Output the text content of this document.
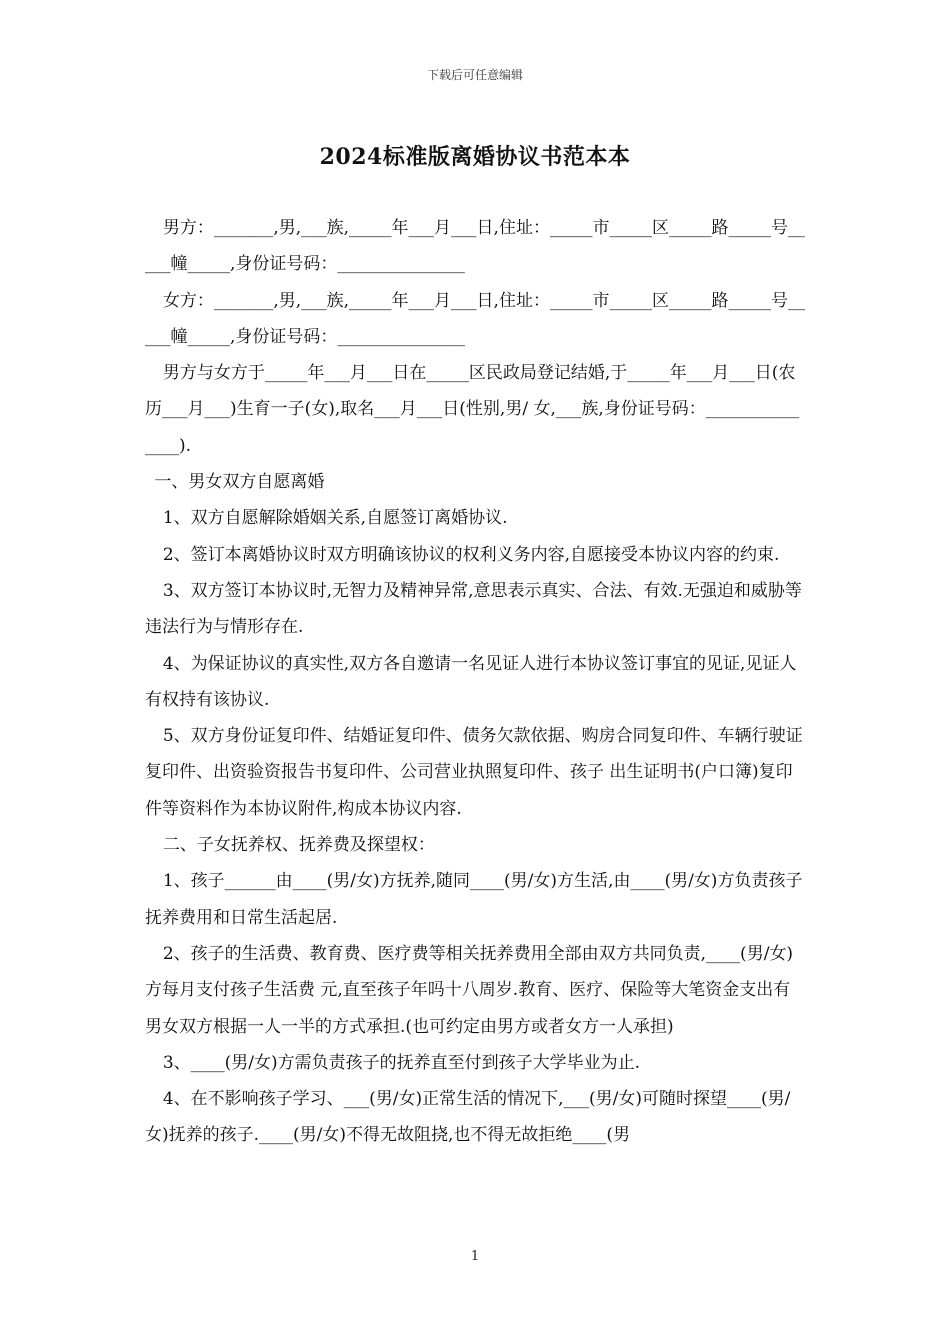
下载后可任意编辑
2024标准版离婚协议书范本本

男方：_______,男,___族,_____年___月___日,住址：_____市_____区_____路_____号_____幢_____,身份证号码：_______________

女方：_______,男,___族,_____年___月___日,住址：_____市_____区_____路_____号_____幢_____,身份证号码：_______________

男方与女方于_____年___月___日在_____区民政局登记结婚,于_____年___月___日(农历___月___)生育一子(女),取名___月___日(性别,男/ 女,___族,身份证号码：_______________).

一、男女双方自愿离婚

1、双方自愿解除婚姻关系,自愿签订离婚协议.

2、签订本离婚协议时双方明确该协议的权利义务内容,自愿接受本协议内容的约束.

3、双方签订本协议时,无智力及精神异常,意思表示真实、合法、有效.无强迫和威胁等违法行为与情形存在.

4、为保证协议的真实性,双方各自邀请一名见证人进行本协议签订事宜的见证,见证人有权持有该协议.

5、双方身份证复印件、结婚证复印件、债务欠款依据、购房合同复印件、车辆行驶证复印件、出资验资报告书复印件、公司营业执照复印件、孩子 出生证明书(户口簿)复印件等资料作为本协议附件,构成本协议内容.

二、子女抚养权、抚养费及探望权：

1、孩子______由____(男/女)方抚养,随同____(男/女)方生活,由____(男/女)方负责孩子抚养费用和日常生活起居.

2、孩子的生活费、教育费、医疗费等相关抚养费用全部由双方共同负责,____(男/女)方每月支付孩子生活费 元,直至孩子年吗十八周岁.教育、医疗、保险等大笔资金支出有男女双方根据一人一半的方式承担.(也可约定由男方或者女方一人承担)

3、____(男/女)方需负责孩子的抚养直至付到孩子大学毕业为止.

4、在不影响孩子学习、___(男/女)正常生活的情况下,___(男/女)可随时探望____(男/女)抚养的孩子.____(男/女)不得无故阻挠,也不得无故拒绝____(男

1
